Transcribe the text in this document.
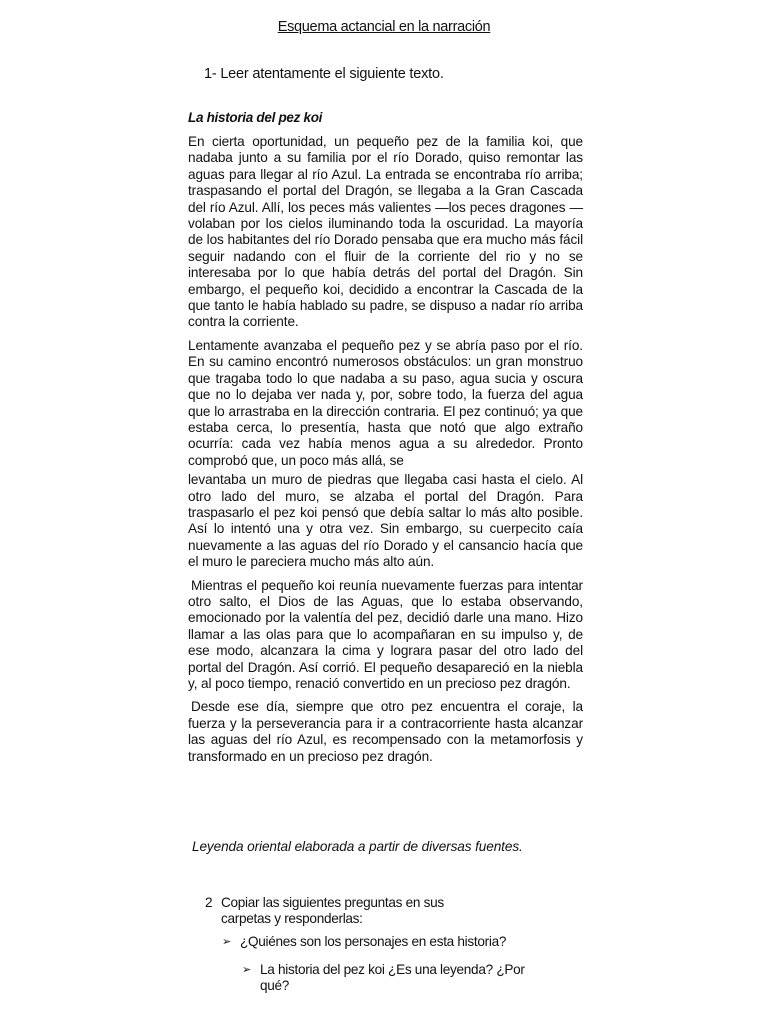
Esquema actancial en la narración
1- Leer atentamente el siguiente texto.
La historia del pez koi

En cierta oportunidad, un pequeño pez de la familia koi, que nadaba junto a su familia por el río Dorado, quiso remontar las aguas para llegar al río Azul. La entrada se encontraba río arriba; traspasando el portal del Dragón, se llegaba a la Gran Cascada del río Azul. Allí, los peces más valientes —los peces dragones — volaban por los cielos iluminando toda la oscuridad. La mayoría de los habitantes del río Dorado pensaba que era mucho más fácil seguir nadando con el fluir de la corriente del rio y no se interesaba por lo que había detrás del portal del Dragón. Sin embargo, el pequeño koi, decidido a encontrar la Cascada de la que tanto le había hablado su padre, se dispuso a nadar río arriba contra la corriente.

Lentamente avanzaba el pequeño pez y se abría paso por el río. En su camino encontró numerosos obstáculos: un gran monstruo que tragaba todo lo que nadaba a su paso, agua sucia y oscura que no lo dejaba ver nada y, por, sobre todo, la fuerza del agua que lo arrastraba en la dirección contraria. El pez continuó; ya que estaba cerca, lo presentía, hasta que notó que algo extraño ocurría: cada vez había menos agua a su alrededor. Pronto comprobó que, un poco más allá, se

levantaba un muro de piedras que llegaba casi hasta el cielo. Al otro lado del muro, se alzaba el portal del Dragón. Para traspasarlo el pez koi pensó que debía saltar lo más alto posible. Así lo intentó una y otra vez. Sin embargo, su cuerpecito caía nuevamente a las aguas del río Dorado y el cansancio hacía que el muro le pareciera mucho más alto aún.

Mientras el pequeño koi reunía nuevamente fuerzas para intentar otro salto, el Dios de las Aguas, que lo estaba observando, emocionado por la valentía del pez, decidió darle una mano. Hizo llamar a las olas para que lo acompañaran en su impulso y, de ese modo, alcanzara la cima y lograra pasar del otro lado del portal del Dragón. Así corrió. El pequeño desapareció en la niebla y, al poco tiempo, renació convertido en un precioso pez dragón.

Desde ese día, siempre que otro pez encuentra el coraje, la fuerza y la perseverancia para ir a contracorriente hasta alcanzar las aguas del río Azul, es recompensado con la metamorfosis y transformado en un precioso pez dragón.

Leyenda oriental elaborada a partir de diversas fuentes.
2 Copiar las siguientes preguntas en sus carpetas y responderlas:
➢ ¿Quiénes son los personajes en esta historia?
➢ La historia del pez koi ¿Es una leyenda? ¿Por qué?
